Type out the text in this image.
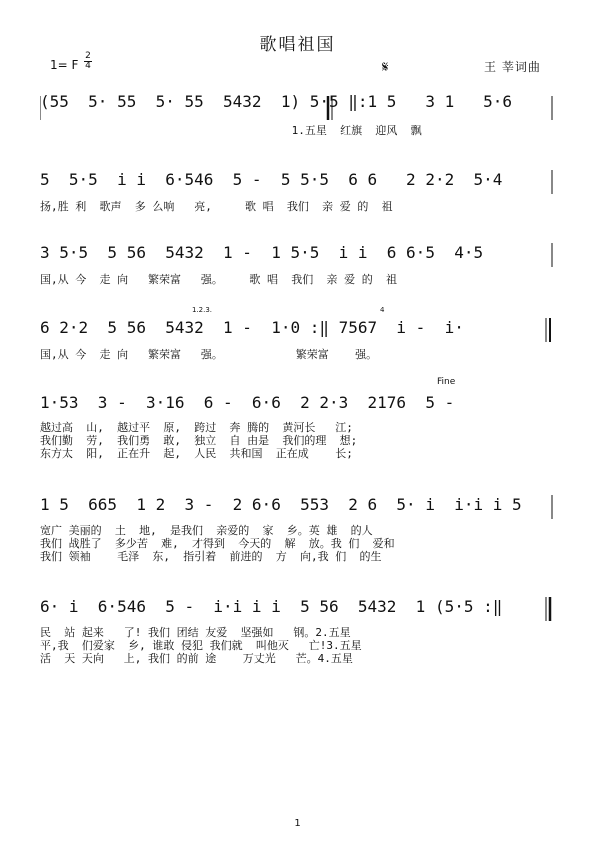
歌唱祖国
1= F
2
4	𝄋	王 莘词曲
(55  5· 55  5· 55  5432  1) 5·5 ‖:1 5   3 1   5·6
1.五星  红旗  迎风  飘
5  5·5  i i  6·546  5 -  5 5·5  6 6   2 2·2  5·4
扬,胜 利  歌声  多 么响   亮,     歌 唱  我们  亲 爱 的  祖
3 5·5  5 56  5432  1 -  1 5·5  i i  6 6·5  4·5
国,从 今  走 向   繁荣富   强。    歌 唱  我们  亲 爱 的  祖
1.2.3.	4
6 2·2  5 56  5432  1 -  1·0 :‖ 7567  i -  i·
国,从 今  走 向   繁荣富   强。           繁荣富    强。
Fine
1·53  3 -  3·16  6 -  6·6  2 2·3  2176  5 -
越过高  山,  越过平  原,  跨过  奔 腾的  黄河长   江;
我们勤  劳,  我们勇  敢,  独立  自 由是  我们的理  想;
东方太  阳,  正在升  起,  人民  共和国  正在成    长;
1 5  665  1 2  3 -  2 6·6  553  2 6  5· i  i·i i 5
宽广 美丽的  土  地,  是我们  亲爱的  家  乡。英 雄  的人
我们 战胜了  多少苦  难,  才得到  今天的  解  放。我 们  爱和
我们 领袖    毛泽  东,  指引着  前进的  方  向,我 们  的生
6· i  6·546  5 -  i·i i i  5 56  5432  1 (5·5 :‖
民  站 起来   了! 我们 团结 友爱  坚强如   钢。2.五星
平,我  们爱家  乡, 谁敢 侵犯 我们就  叫他灭   亡!3.五星
活  天 天向   上, 我们 的前 途    万丈光   芒。4.五星
1
